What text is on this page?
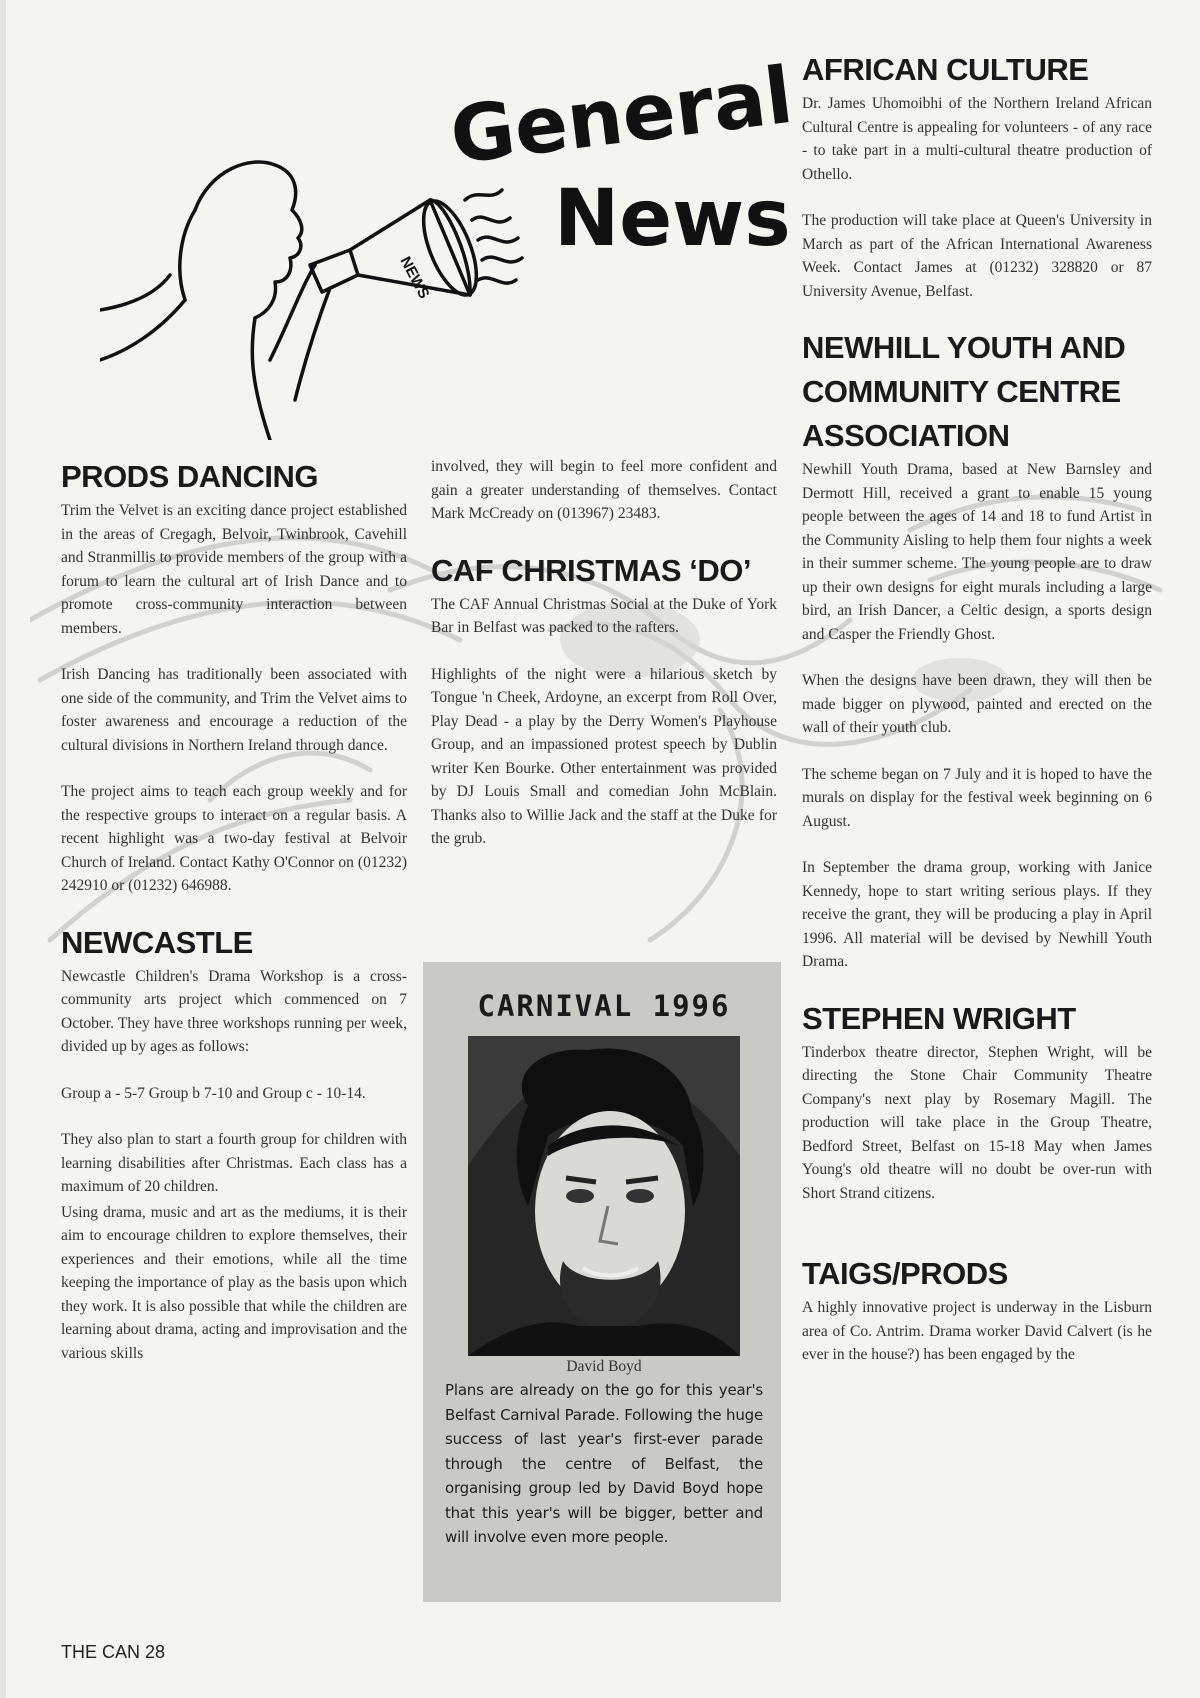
NEWS
General
News
PRODS DANCING

Trim the Velvet is an exciting dance project established in the areas of Cregagh, Belvoir, Twinbrook, Cavehill and Stranmillis to provide members of the group with a forum to learn the cultural art of Irish Dance and to promote cross-community interaction between members.

Irish Dancing has traditionally been associated with one side of the community, and Trim the Velvet aims to foster awareness and encourage a reduction of the cultural divisions in Northern Ireland through dance.

The project aims to teach each group weekly and for the respective groups to interact on a regular basis. A recent highlight was a two-day festival at Belvoir Church of Ireland. Contact Kathy O'Connor on (01232) 242910 or (01232) 646988.

NEWCASTLE

Newcastle Children's Drama Workshop is a cross-community arts project which commenced on 7 October. They have three workshops running per week, divided up by ages as follows:

Group a - 5-7 Group b 7-10 and Group c - 10-14.

They also plan to start a fourth group for children with learning disabilities after Christmas. Each class has a maximum of 20 children.

Using drama, music and art as the mediums, it is their aim to encourage children to explore themselves, their experiences and their emotions, while all the time keeping the importance of play as the basis upon which they work. It is also possible that while the children are learning about drama, acting and improvisation and the various skills

involved, they will begin to feel more confident and gain a greater understanding of themselves. Contact Mark McCready on (013967) 23483.

CAF CHRISTMAS ‘DO’

The CAF Annual Christmas Social at the Duke of York Bar in Belfast was packed to the rafters.

Highlights of the night were a hilarious sketch by Tongue 'n Cheek, Ardoyne, an excerpt from Roll Over, Play Dead - a play by the Derry Women's Playhouse Group, and an impassioned protest speech by Dublin writer Ken Bourke. Other entertainment was provided by DJ Louis Small and comedian John McBlain. Thanks also to Willie Jack and the staff at the Duke for the grub.

CARNIVAL 1996
David Boyd

Plans are already on the go for this year's Belfast Carnival Parade. Following the huge success of last year's first-ever parade through the centre of Belfast, the organising group led by David Boyd hope that this year's will be bigger, better and will involve even more people.

AFRICAN CULTURE

Dr. James Uhomoibhi of the Northern Ireland African Cultural Centre is appealing for volunteers - of any race - to take part in a multi-cultural theatre production of Othello.

The production will take place at Queen's University in March as part of the African International Awareness Week. Contact James at (01232) 328820 or 87 University Avenue, Belfast.

NEWHILL YOUTH AND COMMUNITY CENTRE ASSOCIATION

Newhill Youth Drama, based at New Barnsley and Dermott Hill, received a grant to enable 15 young people between the ages of 14 and 18 to fund Artist in the Community Aisling to help them four nights a week in their summer scheme. The young people are to draw up their own designs for eight murals including a large bird, an Irish Dancer, a Celtic design, a sports design and Casper the Friendly Ghost.

When the designs have been drawn, they will then be made bigger on plywood, painted and erected on the wall of their youth club.

The scheme began on 7 July and it is hoped to have the murals on display for the festival week beginning on 6 August.

In September the drama group, working with Janice Kennedy, hope to start writing serious plays. If they receive the grant, they will be producing a play in April 1996. All material will be devised by Newhill Youth Drama.

STEPHEN WRIGHT

Tinderbox theatre director, Stephen Wright, will be directing the Stone Chair Community Theatre Company's next play by Rosemary Magill. The production will take place in the Group Theatre, Bedford Street, Belfast on 15-18 May when James Young's old theatre will no doubt be over-run with Short Strand citizens.

TAIGS/PRODS

A highly innovative project is underway in the Lisburn area of Co. Antrim. Drama worker David Calvert (is he ever in the house?) has been engaged by the

THE CAN 28
